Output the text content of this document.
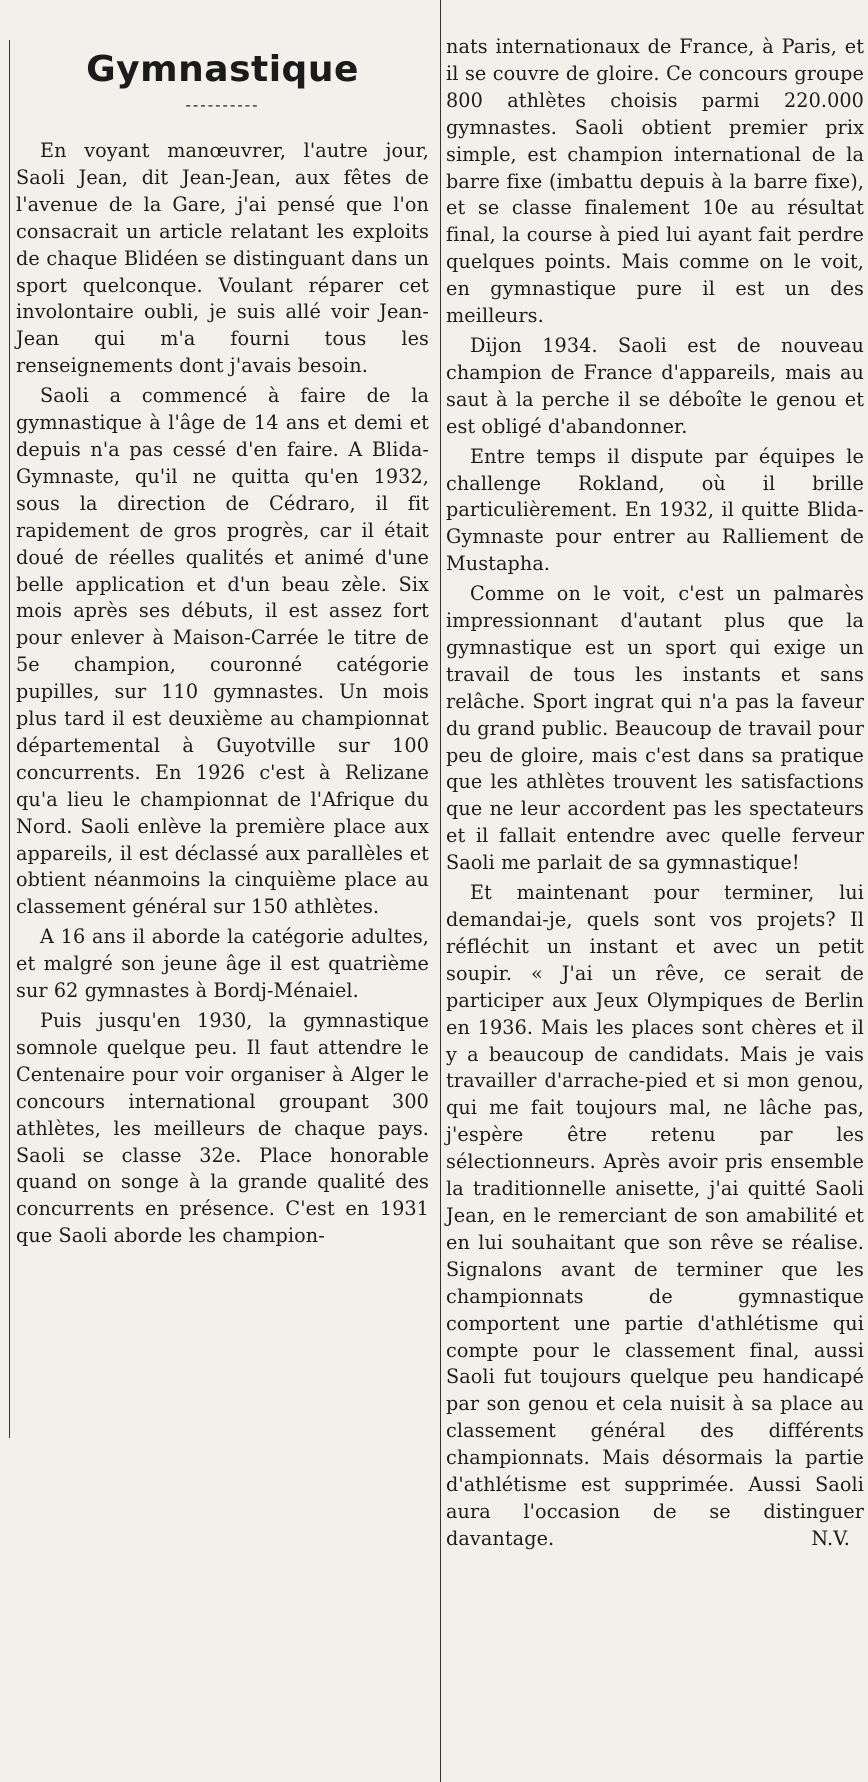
Gymnastique
----------

En voyant manœuvrer, l'autre jour, Saoli Jean, dit Jean-Jean, aux fêtes de l'avenue de la Gare, j'ai pensé que l'on consacrait un article relatant les exploits de chaque Blidéen se distinguant dans un sport quelconque. Voulant réparer cet involontaire oubli, je suis allé voir Jean-Jean qui m'a fourni tous les renseignements dont j'avais besoin.

Saoli a commencé à faire de la gymnastique à l'âge de 14 ans et demi et depuis n'a pas cessé d'en faire. A Blida-Gymnaste, qu'il ne quitta qu'en 1932, sous la direction de Cédraro, il fit rapidement de gros progrès, car il était doué de réelles qualités et animé d'une belle application et d'un beau zèle. Six mois après ses débuts, il est assez fort pour enlever à Maison-Carrée le titre de 5e champion, couronné catégorie pupilles, sur 110 gymnastes. Un mois plus tard il est deuxième au championnat départemental à Guyotville sur 100 concurrents. En 1926 c'est à Relizane qu'a lieu le championnat de l'Afrique du Nord. Saoli enlève la première place aux appareils, il est déclassé aux parallèles et obtient néanmoins la cinquième place au classement général sur 150 athlètes.

A 16 ans il aborde la catégorie adultes, et malgré son jeune âge il est quatrième sur 62 gymnastes à Bordj-Ménaiel.

Puis jusqu'en 1930, la gymnastique somnole quelque peu. Il faut attendre le Centenaire pour voir organiser à Alger le concours international groupant 300 athlètes, les meilleurs de chaque pays. Saoli se classe 32e. Place honorable quand on songe à la grande qualité des concurrents en présence. C'est en 1931 que Saoli aborde les champion-

nats internationaux de France, à Paris, et il se couvre de gloire. Ce concours groupe 800 athlètes choisis parmi 220.000 gymnastes. Saoli obtient premier prix simple, est champion international de la barre fixe (imbattu depuis à la barre fixe), et se classe finalement 10e au résultat final, la course à pied lui ayant fait perdre quelques points. Mais comme on le voit, en gymnastique pure il est un des meilleurs.

Dijon 1934. Saoli est de nouveau champion de France d'appareils, mais au saut à la perche il se déboîte le genou et est obligé d'abandonner.

Entre temps il dispute par équipes le challenge Rokland, où il brille particulièrement. En 1932, il quitte Blida-Gymnaste pour entrer au Ralliement de Mustapha.

Comme on le voit, c'est un palmarès impressionnant d'autant plus que la gymnastique est un sport qui exige un travail de tous les instants et sans relâche. Sport ingrat qui n'a pas la faveur du grand public. Beaucoup de travail pour peu de gloire, mais c'est dans sa pratique que les athlètes trouvent les satisfactions que ne leur accordent pas les spectateurs et il fallait entendre avec quelle ferveur Saoli me parlait de sa gymnastique!

Et maintenant pour terminer, lui demandai-je, quels sont vos projets? Il réfléchit un instant et avec un petit soupir. « J'ai un rêve, ce serait de participer aux Jeux Olympiques de Berlin en 1936. Mais les places sont chères et il y a beaucoup de candidats. Mais je vais travailler d'arrache-pied et si mon genou, qui me fait toujours mal, ne lâche pas, j'espère être retenu par les sélectionneurs. Après avoir pris ensemble la traditionnelle anisette, j'ai quitté Saoli Jean, en le remerciant de son amabilité et en lui souhaitant que son rêve se réalise. Signalons avant de terminer que les championnats de gymnastique comportent une partie d'athlétisme qui compte pour le classement final, aussi Saoli fut toujours quelque peu handicapé par son genou et cela nuisit à sa place au classement général des différents championnats. Mais désormais la partie d'athlétisme est supprimée. Aussi Saoli aura l'occasion de se distinguer davantage.	N.V.
